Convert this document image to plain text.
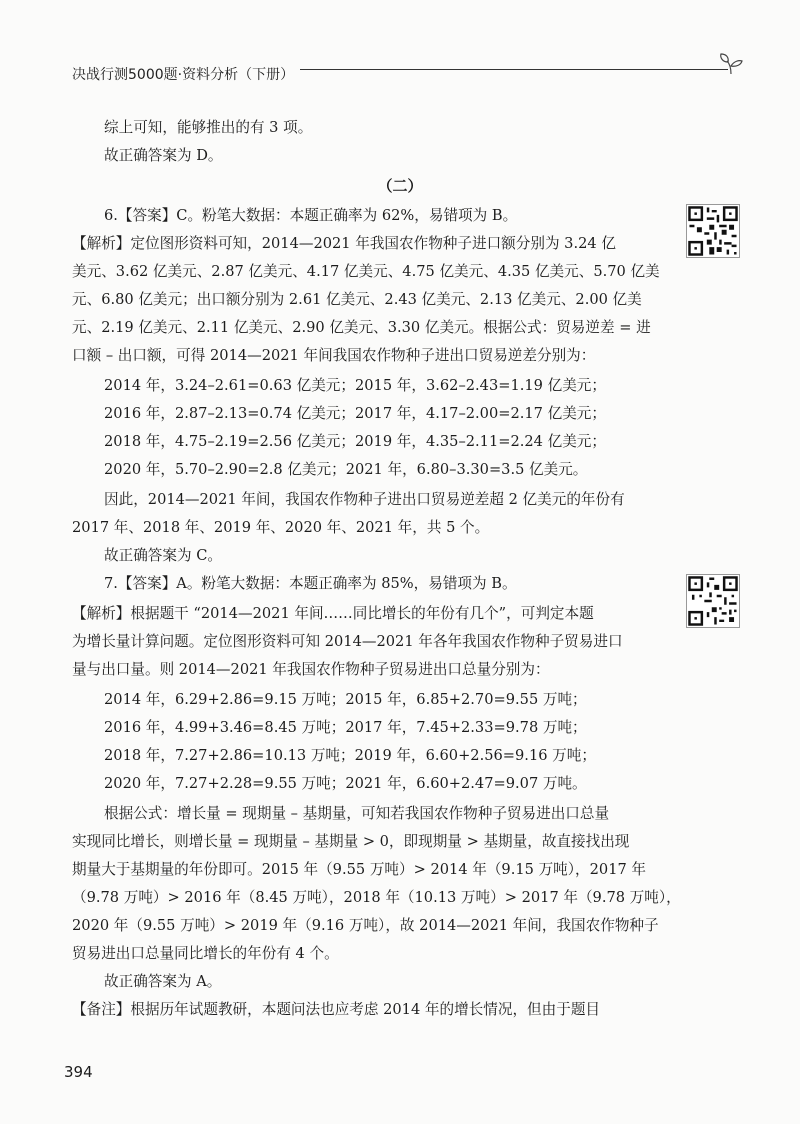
决战行测5000题·资料分析（下册）
综上可知，能够推出的有 3 项。
故正确答案为 D。
（二）
6.【答案】C。粉笔大数据：本题正确率为 62%，易错项为 B。
【解析】定位图形资料可知，2014—2021 年我国农作物种子进口额分别为 3.24 亿
美元、3.62 亿美元、2.87 亿美元、4.17 亿美元、4.75 亿美元、4.35 亿美元、5.70 亿美
元、6.80 亿美元；出口额分别为 2.61 亿美元、2.43 亿美元、2.13 亿美元、2.00 亿美
元、2.19 亿美元、2.11 亿美元、2.90 亿美元、3.30 亿美元。根据公式：贸易逆差 = 进
口额 – 出口额，可得 2014—2021 年间我国农作物种子进出口贸易逆差分别为：
2014 年，3.24–2.61=0.63 亿美元；2015 年，3.62–2.43=1.19 亿美元；
2016 年，2.87–2.13=0.74 亿美元；2017 年，4.17–2.00=2.17 亿美元；
2018 年，4.75–2.19=2.56 亿美元；2019 年，4.35–2.11=2.24 亿美元；
2020 年，5.70–2.90=2.8 亿美元；2021 年，6.80–3.30=3.5 亿美元。
因此，2014—2021 年间，我国农作物种子进出口贸易逆差超 2 亿美元的年份有
2017 年、2018 年、2019 年、2020 年、2021 年，共 5 个。
故正确答案为 C。
7.【答案】A。粉笔大数据：本题正确率为 85%，易错项为 B。
【解析】根据题干 “2014—2021 年间……同比增长的年份有几个”，可判定本题
为增长量计算问题。定位图形资料可知 2014—2021 年各年我国农作物种子贸易进口
量与出口量。则 2014—2021 年我国农作物种子贸易进出口总量分别为：
2014 年，6.29+2.86=9.15 万吨；2015 年，6.85+2.70=9.55 万吨；
2016 年，4.99+3.46=8.45 万吨；2017 年，7.45+2.33=9.78 万吨；
2018 年，7.27+2.86=10.13 万吨；2019 年，6.60+2.56=9.16 万吨；
2020 年，7.27+2.28=9.55 万吨；2021 年，6.60+2.47=9.07 万吨。
根据公式：增长量 = 现期量 – 基期量，可知若我国农作物种子贸易进出口总量
实现同比增长，则增长量 = 现期量 – 基期量 > 0，即现期量 > 基期量，故直接找出现
期量大于基期量的年份即可。2015 年（9.55 万吨）> 2014 年（9.15 万吨），2017 年
（9.78 万吨）> 2016 年（8.45 万吨），2018 年（10.13 万吨）> 2017 年（9.78 万吨），
2020 年（9.55 万吨）> 2019 年（9.16 万吨），故 2014—2021 年间，我国农作物种子
贸易进出口总量同比增长的年份有 4 个。
故正确答案为 A。
【备注】根据历年试题教研，本题问法也应考虑 2014 年的增长情况，但由于题目
394
